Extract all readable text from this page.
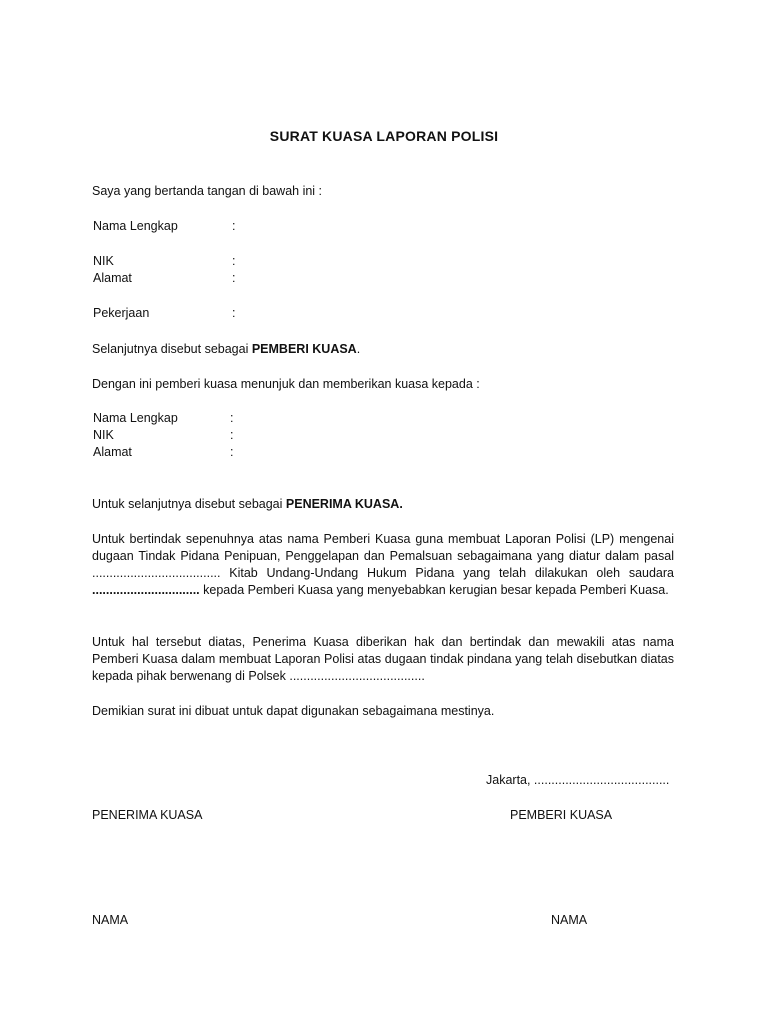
SURAT KUASA LAPORAN POLISI
Saya yang bertanda tangan di bawah ini :
Nama Lengkap	:
NIK	:
Alamat	:
Pekerjaan	:
Selanjutnya disebut sebagai PEMBERI KUASA.
Dengan ini pemberi kuasa menunjuk dan memberikan kuasa kepada :
Nama Lengkap	:
NIK	:
Alamat	:
Untuk selanjutnya disebut sebagai PENERIMA KUASA.
Untuk bertindak sepenuhnya atas nama Pemberi Kuasa guna membuat Laporan Polisi (LP) mengenai dugaan Tindak Pidana Penipuan, Penggelapan dan Pemalsuan sebagaimana yang diatur dalam pasal ..................................... Kitab Undang-Undang Hukum Pidana yang telah dilakukan oleh saudara ............................... kepada Pemberi Kuasa yang menyebabkan kerugian besar kepada Pemberi Kuasa.
Untuk hal tersebut diatas, Penerima Kuasa diberikan hak dan bertindak dan mewakili atas nama Pemberi Kuasa dalam membuat Laporan Polisi atas dugaan tindak pindana yang telah disebutkan diatas kepada pihak berwenang di Polsek .......................................
Demikian surat ini dibuat untuk dapat digunakan sebagaimana mestinya.
Jakarta, .......................................
PENERIMA KUASA	PEMBERI KUASA
NAMA	NAMA
